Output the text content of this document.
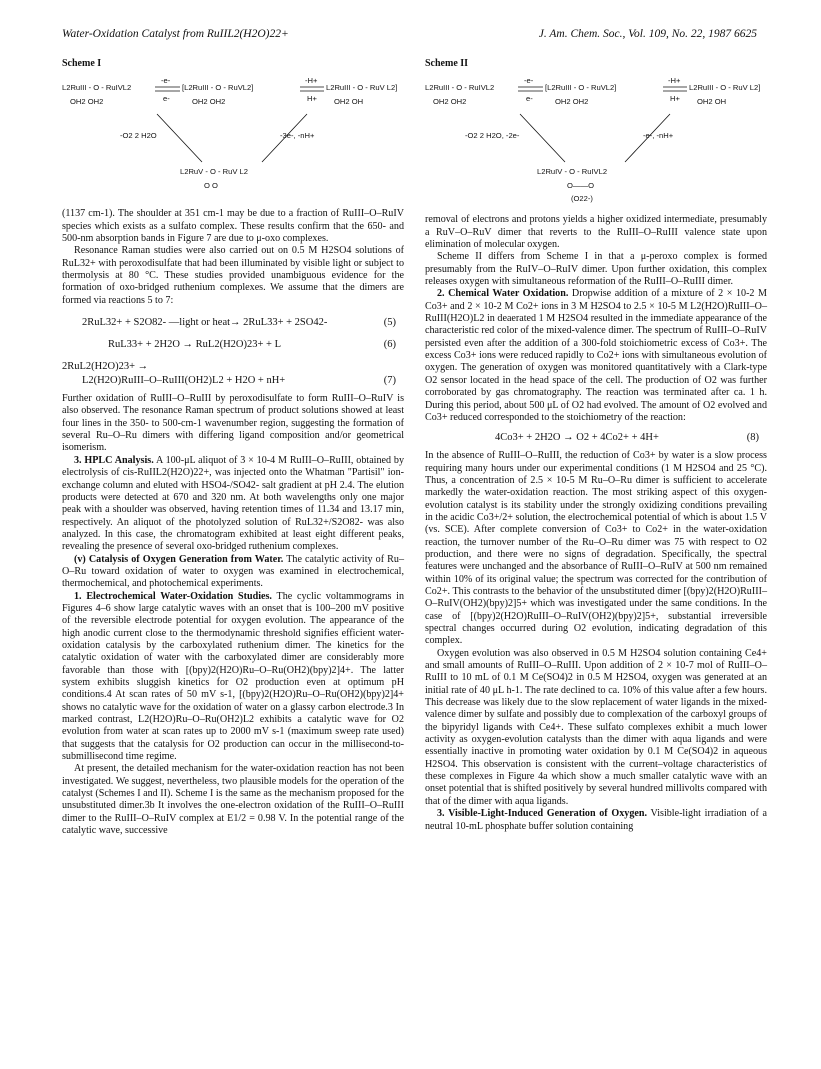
Water-Oxidation Catalyst from RuIIL2(H2O)22+	J. Am. Chem. Soc., Vol. 109, No. 22, 1987 6625
Scheme I
L2RuIII - O - RuIVL2
OH2 OH2
-e-
e-
[L2RuIII - O - RuVL2]
OH2 OH2
-H+
H+
L2RuIII - O - RuV L2]
OH2 OH
-O2 2 H2O	-3e-, -nH+
L2RuV - O - RuV L2
O O

(1137 cm-1). The shoulder at 351 cm-1 may be due to a fraction of RuIII–O–RuIV species which exists as a sulfato complex. These results confirm that the 650- and 500-nm absorption bands in Figure 7 are due to μ-oxo complexes.

Resonance Raman studies were also carried out on 0.5 M H2SO4 solutions of RuL32+ with peroxodisulfate that had been illuminated by visible light or subject to thermolysis at 80 °C. These studies provided unambiguous evidence for the formation of oxo-bridged ruthenium complexes. We assume that the dimers are formed via reactions 5 to 7:

2RuL32+ + S2O82- —light or heat→ 2RuL33+ + 2SO42-	(5)
RuL33+ + 2H2O → RuL2(H2O)23+ + L	(6)
2RuL2(H2O)23+ →
L2(H2O)RuIII–O–RuIII(OH2)L2 + H2O + nH+	(7)

Further oxidation of RuIII–O–RuIII by peroxodisulfate to form RuIII–O–RuIV is also observed. The resonance Raman spectrum of product solutions showed at least four lines in the 350- to 500-cm-1 wavenumber region, suggesting the formation of several Ru–O–Ru dimers with differing ligand composition and/or geometrical isomerism.

3. HPLC Analysis. A 100-μL aliquot of 3 × 10-4 M RuIII–O–RuIII, obtained by electrolysis of cis-RuIIL2(H2O)22+, was injected onto the Whatman "Partisil" ion-exchange column and eluted with HSO4-/SO42- salt gradient at pH 2.4. The elution products were detected at 670 and 320 nm. At both wavelengths only one major peak with a shoulder was observed, having retention times of 11.34 and 13.17 min, respectively. An aliquot of the photolyzed solution of RuL32+/S2O82- was also analyzed. In this case, the chromatogram exhibited at least eight different peaks, revealing the presence of several oxo-bridged ruthenium complexes.

(v) Catalysis of Oxygen Generation from Water. The catalytic activity of Ru–O–Ru toward oxidation of water to oxygen was examined in electrochemical, thermochemical, and photochemical experiments.

1. Electrochemical Water-Oxidation Studies. The cyclic voltammograms in Figures 4–6 show large catalytic waves with an onset that is 100–200 mV positive of the reversible electrode potential for oxygen evolution. The appearance of the high anodic current close to the thermodynamic threshold signifies efficient water-oxidation catalysis by the carboxylated ruthenium dimer. The kinetics for the catalytic oxidation of water with the carboxylated dimer are considerably more favorable than those with [(bpy)2(H2O)Ru–O–Ru(OH2)(bpy)2]4+. The latter system exhibits sluggish kinetics for O2 production even at optimum pH conditions.4 At scan rates of 50 mV s-1, [(bpy)2(H2O)Ru–O–Ru(OH2)(bpy)2]4+ shows no catalytic wave for the oxidation of water on a glassy carbon electrode.3 In marked contrast, L2(H2O)Ru–O–Ru(OH2)L2 exhibits a catalytic wave for O2 evolution from water at scan rates up to 2000 mV s-1 (maximum sweep rate used) that suggests that the catalysis for O2 production can occur in the millisecond-to-submillisecond time regime.

At present, the detailed mechanism for the water-oxidation reaction has not been investigated. We suggest, nevertheless, two plausible models for the operation of the catalyst (Schemes I and II). Scheme I is the same as the mechanism proposed for the unsubstituted dimer.3b It involves the one-electron oxidation of the RuIII–O–RuIII dimer to the RuIII–O–RuIV complex at E1/2 = 0.98 V. In the potential range of the catalytic wave, successive

Scheme II
L2RuIII - O - RuIVL2
OH2 OH2
-e-
e-
[L2RuIII - O - RuVL2]
OH2 OH2
-H+
H+
L2RuIII - O - RuV L2]
OH2 OH
-O2 2 H2O, -2e-	-e-, -nH+
L2RuIV - O - RuIVL2
O——O
(O22-)

removal of electrons and protons yields a higher oxidized intermediate, presumably a RuV–O–RuV dimer that reverts to the RuIII–O–RuIII valence state upon elimination of molecular oxygen.

Scheme II differs from Scheme I in that a μ-peroxo complex is formed presumably from the RuIV–O–RuIV dimer. Upon further oxidation, this complex releases oxygen with simultaneous reformation of the RuIII–O–RuIII dimer.

2. Chemical Water Oxidation. Dropwise addition of a mixture of 2 × 10-2 M Co3+ and 2 × 10-2 M Co2+ ions in 3 M H2SO4 to 2.5 × 10-5 M L2(H2O)RuIII–O–RuIII(H2O)L2 in deaerated 1 M H2SO4 resulted in the immediate appearance of the characteristic red color of the mixed-valence dimer. The spectrum of RuIII–O–RuIV persisted even after the addition of a 300-fold stoichiometric excess of Co3+. The excess Co3+ ions were reduced rapidly to Co2+ ions with simultaneous evolution of oxygen. The generation of oxygen was monitored quantitatively with a Clark-type O2 sensor located in the head space of the cell. The production of O2 was further corroborated by gas chromatography. The reaction was terminated after ca. 1 h. During this period, about 500 μL of O2 had evolved. The amount of O2 evolved and Co3+ reduced corresponded to the stoichiometry of the reaction:

4Co3+ + 2H2O → O2 + 4Co2+ + 4H+	(8)

In the absence of RuIII–O–RuIII, the reduction of Co3+ by water is a slow process requiring many hours under our experimental conditions (1 M H2SO4 and 25 °C). Thus, a concentration of 2.5 × 10-5 M Ru–O–Ru dimer is sufficient to accelerate markedly the water-oxidation reaction. The most striking aspect of this oxygen-evolution catalyst is its stability under the strongly oxidizing conditions prevailing in the acidic Co3+/2+ solution, the electrochemical potential of which is about 1.5 V (vs. SCE). After complete conversion of Co3+ to Co2+ in the water-oxidation reaction, the turnover number of the Ru–O–Ru dimer was 75 with respect to O2 production, and there were no signs of degradation. Specifically, the spectral features were unchanged and the absorbance of RuIII–O–RuIV at 500 nm remained within 10% of its original value; the spectrum was corrected for the contribution of Co2+. This contrasts to the behavior of the unsubstituted dimer [(bpy)2(H2O)RuIII–O–RuIV(OH2)(bpy)2]5+ which was investigated under the same conditions. In the case of [(bpy)2(H2O)RuIII–O–RuIV(OH2)(bpy)2]5+, substantial irreversible spectral changes occurred during O2 evolution, indicating degradation of this complex.

Oxygen evolution was also observed in 0.5 M H2SO4 solution containing Ce4+ and small amounts of RuIII–O–RuIII. Upon addition of 2 × 10-7 mol of RuIII–O–RuIII to 10 mL of 0.1 M Ce(SO4)2 in 0.5 M H2SO4, oxygen was generated at an initial rate of 40 μL h-1. The rate declined to ca. 10% of this value after a few hours. This decrease was likely due to the slow replacement of water ligands in the mixed-valence dimer by sulfate and possibly due to complexation of the carboxyl groups of the bipyridyl ligands with Ce4+. These sulfato complexes exhibit a much lower activity as oxygen-evolution catalysts than the dimer with aqua ligands and were essentially inactive in promoting water oxidation by 0.1 M Ce(SO4)2 in aqueous H2SO4. This observation is consistent with the current–voltage characteristics of these complexes in Figure 4a which show a much smaller catalytic wave with an onset potential that is shifted positively by several hundred millivolts compared with that of the dimer with aqua ligands.

3. Visible-Light-Induced Generation of Oxygen. Visible-light irradiation of a neutral 10-mL phosphate buffer solution containing
